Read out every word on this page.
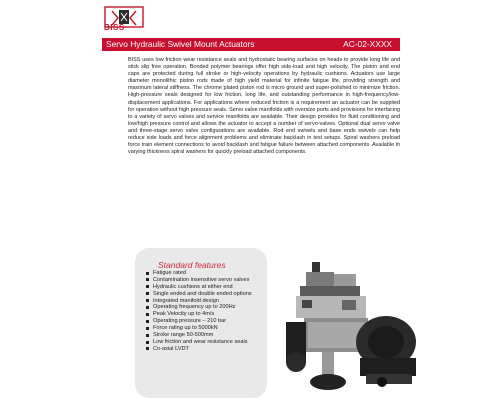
BISS
Servo Hydraulic Swivel Mount Actuators	AC-02-XXXX
BISS uses low friction wear resistance seals and hydrostatic bearing surfaces on heads to provide long life and stick slip free operation. Bonded polymer bearings offer high side-load and high velocity. The piston and end caps are protected during full stroke or high-velocity operations by hydraulic cushions. Actuators use large diameter monolithic piston rods made of high yield material for infinite fatigue life, providing strength and maximum lateral stiffness. The chrome plated piston rod is micro ground and super-polished to minimize friction. High-pressure seals designed for low friction, long life, and outstanding performance in high-frequency/low-displacement applications. For applications where reduced friction is a requirement an actuator can be supplied for operation without high pressure seals. Servo valve manifolds with oversize ports and provisions for interfacing to a variety of servo valves and service manifolds are available. Their design provides for fluid conditioning and low/high pressure control and allows the actuator to accept a number of servo-valves. Optional dual servo valve and three-stage servo valve configurations are available. Rod end swivels and base ends swivels can help reduce side loads and force alignment problems and eliminate backlash in test setups. Spiral washers preload force train element connections to avoid backlash and fatigue failure between attached components. Available in varying thickness spiral washers for quickly preload attached components.
Standard features
Fatigue rated
Contamination insensitive servo valves
Hydraulic cushions at either end
Single ended and double ended options
Integrated manifold design
Operating frequency up to 200Hz
Peak Velocity up to 4m/s
Operating pressure – 210 bar
Force rating up to 5000kN
Stroke range 50-500mm
Low friction and wear resistance seals
Co-axial LVDT
